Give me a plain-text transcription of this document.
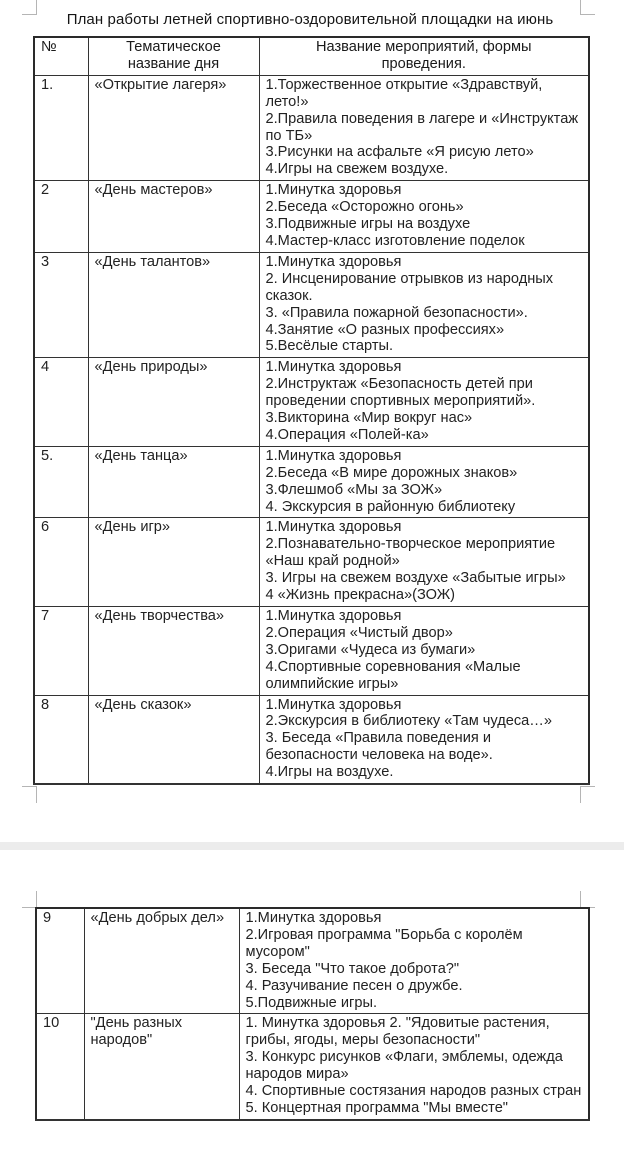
План работы летней спортивно-оздоровительной площадки на июнь
№	Тематическое название дня	Название мероприятий, формы проведения.

1.	«Открытие лагеря»	1.Торжественное открытие «Здравствуй, лето!»
2.Правила поведения в лагере и «Инструктаж по ТБ»
3.Рисунки на асфальте «Я рисую лето»
4.Игры на свежем воздухе.

2	«День мастеров»	1.Минутка здоровья
2.Беседа «Осторожно огонь»
3.Подвижные игры на воздухе
4.Мастер-класс изготовление поделок

3	«День талантов»	1.Минутка здоровья
2. Инсценирование отрывков из народных сказок.
3. «Правила пожарной безопасности».
4.Занятие «О разных профессиях»
5.Весёлые старты.

4	«День природы»	1.Минутка здоровья
2.Инструктаж «Безопасность детей при проведении спортивных мероприятий».
3.Викторина «Мир вокруг нас»
4.Операция «Полей-ка»

5.	«День танца»	1.Минутка здоровья
2.Беседа «В мире дорожных знаков»
3.Флешмоб «Мы за ЗОЖ»
4. Экскурсия в районную библиотеку

6	«День игр»	1.Минутка здоровья
2.Познавательно-творческое мероприятие «Наш край родной»
3. Игры на свежем воздухе «Забытые игры»
4 «Жизнь прекрасна»(ЗОЖ)

7	«День творчества»	1.Минутка здоровья
2.Операция «Чистый двор»
3.Оригами «Чудеса из бумаги»
4.Спортивные соревнования «Малые олимпийские игры»

8	«День сказок»	1.Минутка здоровья
2.Экскурсия в библиотеку «Там чудеса…»
3. Беседа «Правила поведения и безопасности человека на воде».
4.Игры на воздухе.
9	«День добрых дел»	1.Минутка здоровья
2.Игровая программа "Борьба с королём мусором"
3. Беседа "Что такое доброта?"
4. Разучивание песен о дружбе.
5.Подвижные игры.

10	"День разных народов"	1. Минутка здоровья 2. "Ядовитые растения, грибы, ягоды, меры безопасности"
3. Конкурс рисунков «Флаги, эмблемы, одежда народов мира»
4. Спортивные состязания народов разных стран
5. Концертная программа "Мы вместе"
